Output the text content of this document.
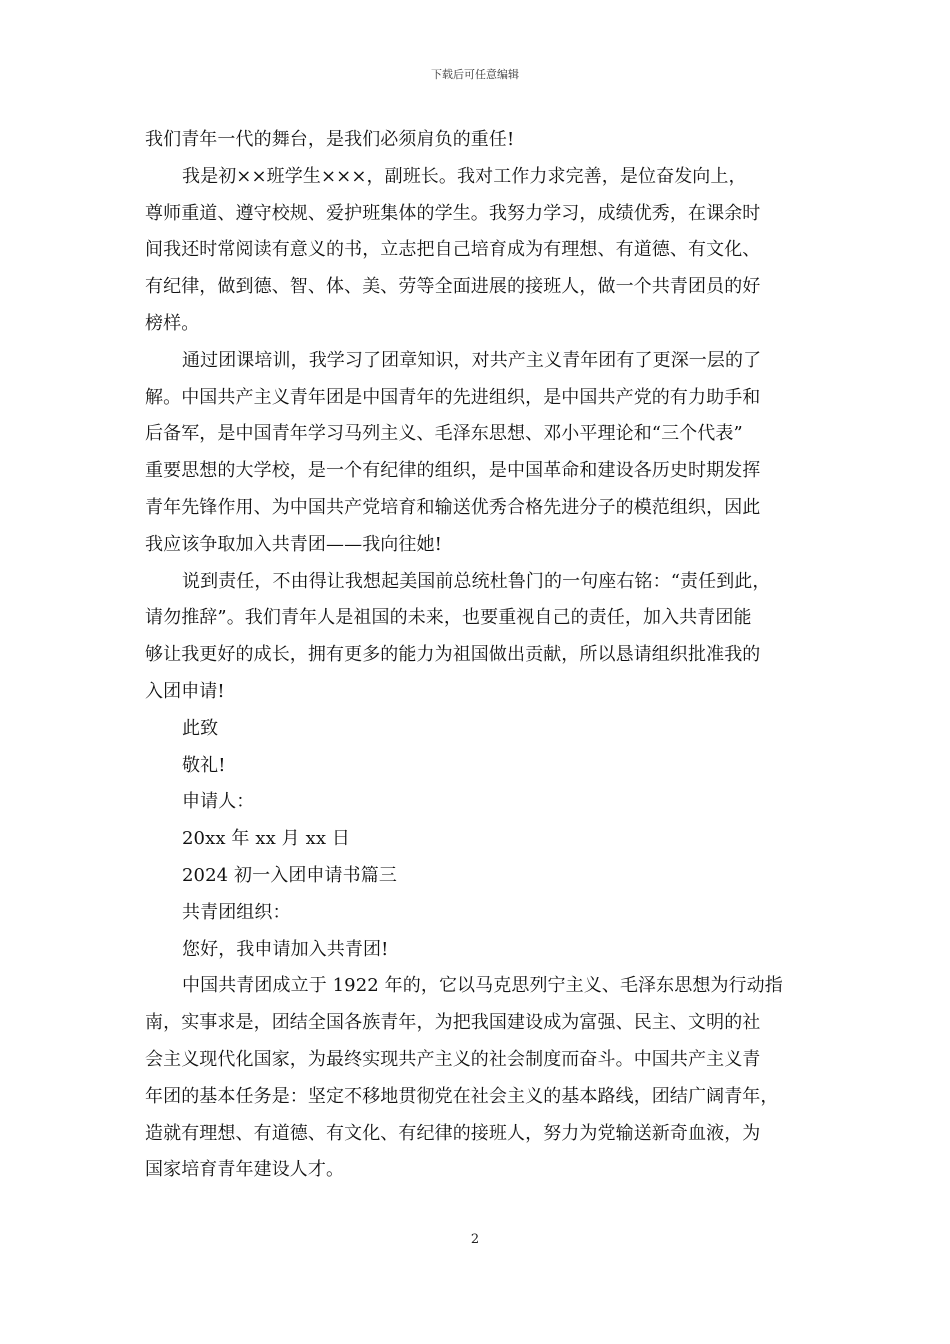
下载后可任意编辑
我们青年一代的舞台，是我们必须肩负的重任!
我是初××班学生×××，副班长。我对工作力求完善，是位奋发向上，
尊师重道、遵守校规、爱护班集体的学生。我努力学习，成绩优秀，在课余时
间我还时常阅读有意义的书，立志把自己培育成为有理想、有道德、有文化、
有纪律，做到德、智、体、美、劳等全面进展的接班人，做一个共青团员的好
榜样。
通过团课培训，我学习了团章知识，对共产主义青年团有了更深一层的了
解。中国共产主义青年团是中国青年的先进组织，是中国共产党的有力助手和
后备军，是中国青年学习马列主义、毛泽东思想、邓小平理论和“三个代表”
重要思想的大学校，是一个有纪律的组织，是中国革命和建设各历史时期发挥
青年先锋作用、为中国共产党培育和输送优秀合格先进分子的模范组织，因此
我应该争取加入共青团——我向往她!
说到责任，不由得让我想起美国前总统杜鲁门的一句座右铭：“责任到此，
请勿推辞”。我们青年人是祖国的未来，也要重视自己的责任，加入共青团能
够让我更好的成长，拥有更多的能力为祖国做出贡献，所以恳请组织批准我的
入团申请!
此致
敬礼!
申请人：
20xx 年 xx 月 xx 日
2024 初一入团申请书篇三
共青团组织：
您好，我申请加入共青团!
中国共青团成立于 1922 年的，它以马克思列宁主义、毛泽东思想为行动指
南，实事求是，团结全国各族青年，为把我国建设成为富强、民主、文明的社
会主义现代化国家，为最终实现共产主义的社会制度而奋斗。中国共产主义青
年团的基本任务是：坚定不移地贯彻党在社会主义的基本路线，团结广阔青年，
造就有理想、有道德、有文化、有纪律的接班人，努力为党输送新奇血液，为
国家培育青年建设人才。
2
